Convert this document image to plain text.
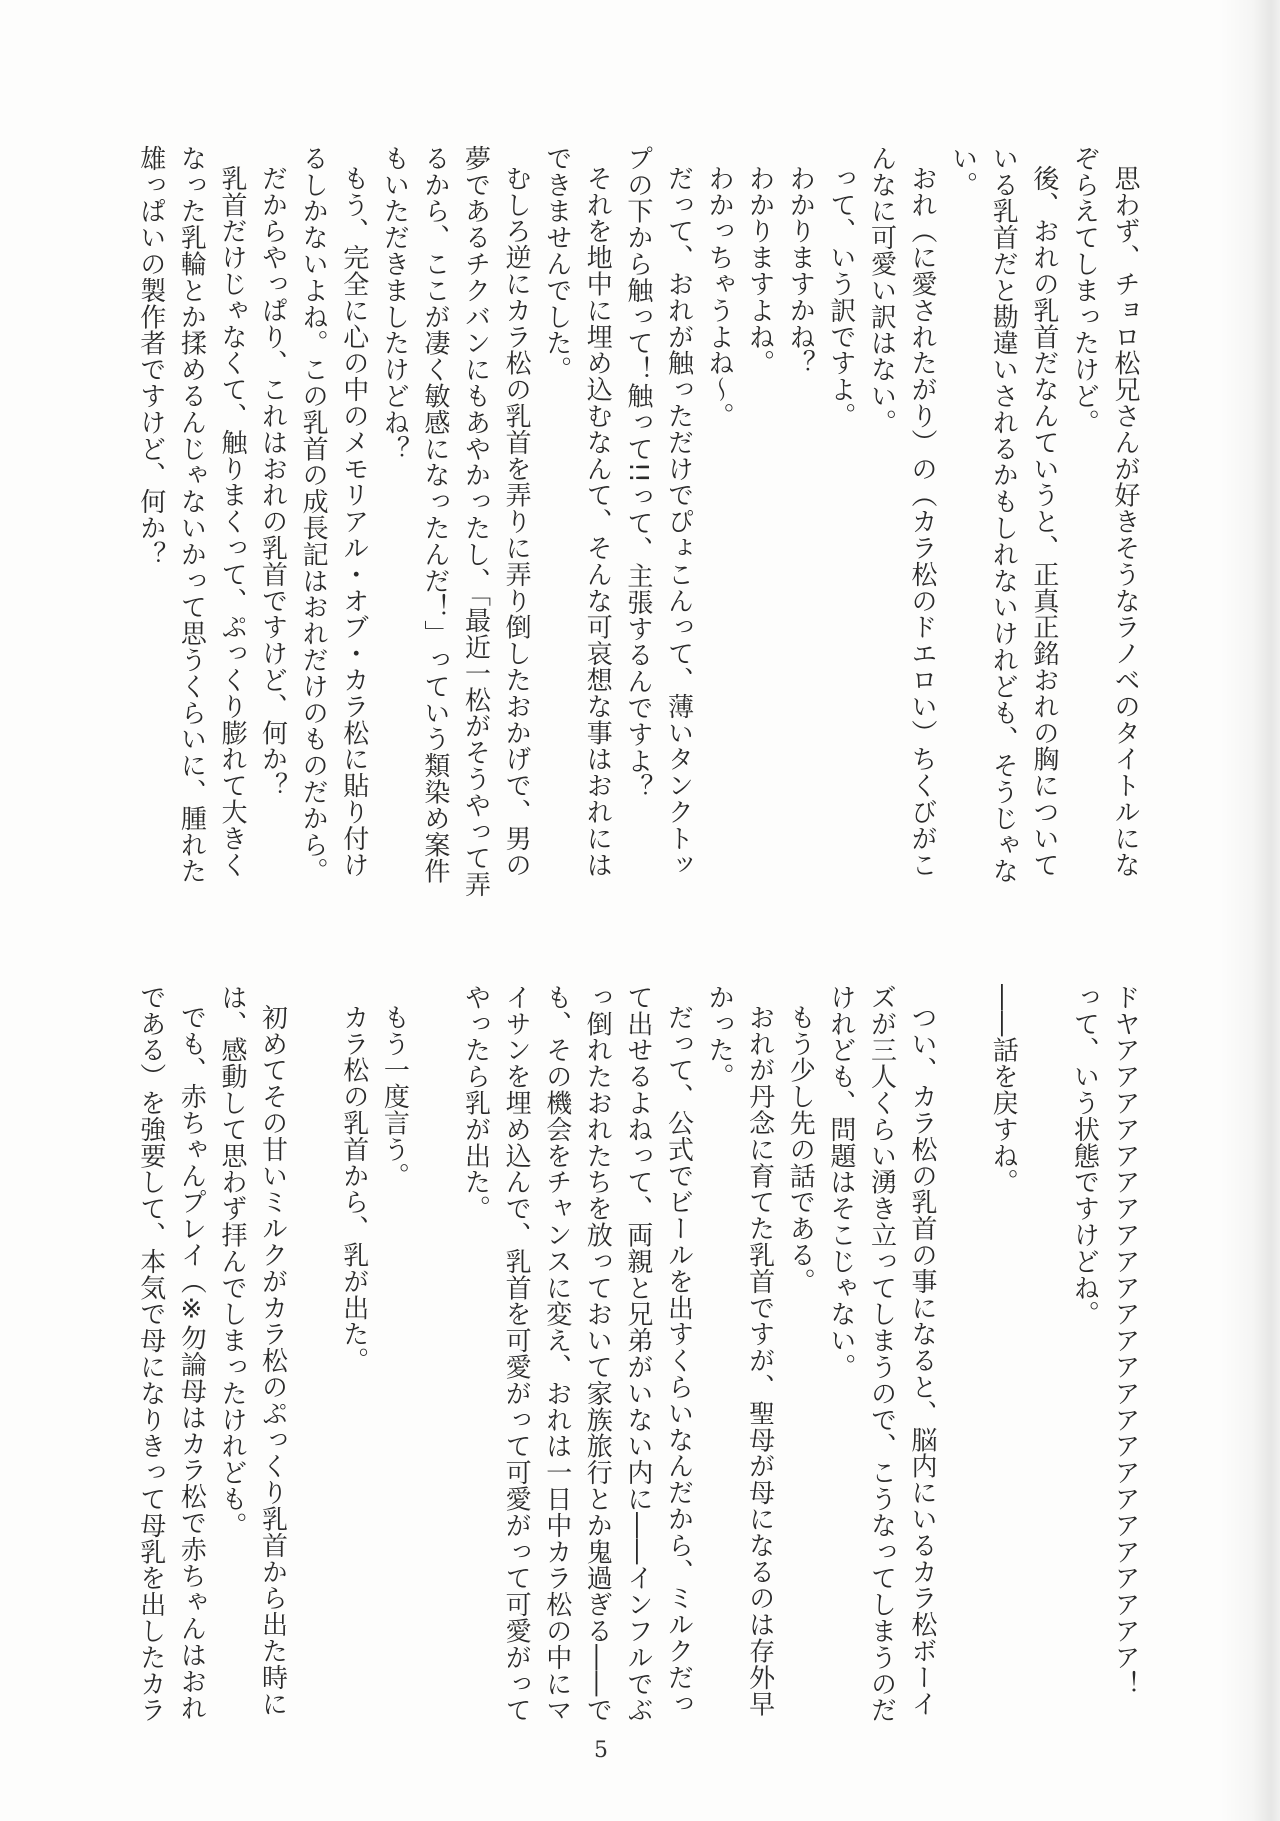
思わず、チョロ松兄さんが好きそうなラノベのタイトルにな
ぞらえてしまったけど。
後、おれの乳首だなんていうと、正真正銘おれの胸について
いる乳首だと勘違いされるかもしれないけれども、そうじゃな
い。
おれ（に愛されたがり）の（カラ松のドエロい）ちくびがこ
んなに可愛い訳はない。
って、いう訳ですよ。
わかりますかね？
わかりますよね。
わかっちゃうよね〜。
だって、おれが触っただけでぴょこんって、薄いタンクトッ
プの下から触って！触って!!って、主張するんですよ？
それを地中に埋め込むなんて、そんな可哀想な事はおれには
できませんでした。
むしろ逆にカラ松の乳首を弄りに弄り倒したおかげで、男の
夢であるチクバンにもあやかったし、「最近一松がそうやって弄
るから、ここが凄く敏感になったんだ！」っていう類染め案件
もいただきましたけどね？
もう、完全に心の中のメモリアル・オブ・カラ松に貼り付け
るしかないよね。この乳首の成長記はおれだけのものだから。
だからやっぱり、これはおれの乳首ですけど、何か？
乳首だけじゃなくて、触りまくって、ぷっくり膨れて大きく
なった乳輪とか揉めるんじゃないかって思うくらいに、腫れた
雄っぱいの製作者ですけど、何か？
ドヤアアアアアアアアアアアアアアアアアアアアアアアア！
って、いう状態ですけどね。
――話を戻すね。
つい、カラ松の乳首の事になると、脳内にいるカラ松ボーイ
ズが三人くらい湧き立ってしまうので、こうなってしまうのだ
けれども、問題はそこじゃない。
もう少し先の話である。
おれが丹念に育てた乳首ですが、聖母が母になるのは存外早
かった。
だって、公式でビールを出すくらいなんだから、ミルクだっ
て出せるよねって、両親と兄弟がいない内に――インフルでぶ
っ倒れたおれたちを放っておいて家族旅行とか鬼過ぎる――で
も、その機会をチャンスに変え、おれは一日中カラ松の中にマ
イサンを埋め込んで、乳首を可愛がって可愛がって可愛がって
やったら乳が出た。
もう一度言う。
カラ松の乳首から、乳が出た。
初めてその甘いミルクがカラ松のぷっくり乳首から出た時に
は、感動して思わず拝んでしまったけれども。
でも、赤ちゃんプレイ（※勿論母はカラ松で赤ちゃんはおれ
である）を強要して、本気で母になりきって母乳を出したカラ
5
